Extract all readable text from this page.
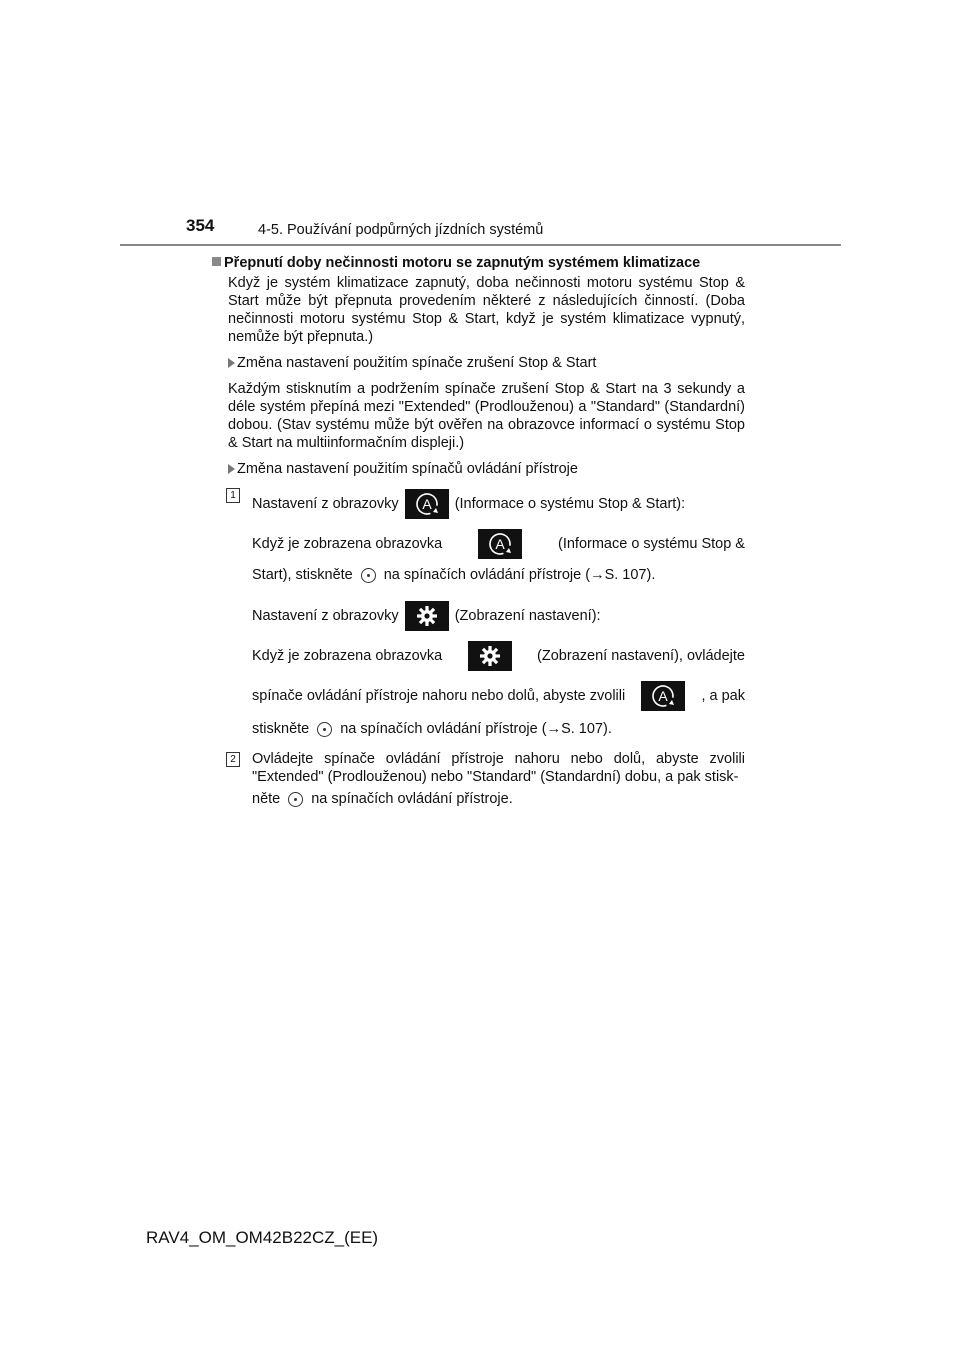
354	4-5. Používání podpůrných jízdních systémů

Přepnutí doby nečinnosti motoru se zapnutým systémem klimatizace

Když je systém klimatizace zapnutý, doba nečinnosti motoru systému Stop & Start může být přepnuta provedením některé z následujících činností. (Doba nečinnosti motoru systému Stop & Start, když je systém klimatizace vypnutý, nemůže být přepnuta.)

Změna nastavení použitím spínače zrušení Stop & Start

Každým stisknutím a podržením spínače zrušení Stop & Start na 3 sekundy a déle systém přepíná mezi "Extended" (Prodlouženou) a "Standard" (Standardní) dobou. (Stav systému může být ověřen na obrazovce informací o systému Stop & Start na multiinformačním displeji.)

Změna nastavení použitím spínačů ovládání přístroje
1
Nastavení z obrazovky	(Informace o systému Stop & Start):
Když je zobrazena obrazovka	(Informace o systému Stop &
Start), stiskněte na spínačích ovládání přístroje (→S. 107).
Nastavení z obrazovky	(Zobrazení nastavení):
Když je zobrazena obrazovka	(Zobrazení nastavení), ovládejte
spínače ovládání přístroje nahoru nebo dolů, abyste zvolili	, a pak
stiskněte na spínačích ovládání přístroje (→S. 107).
2 Ovládejte spínače ovládání přístroje nahoru nebo dolů, abyste zvolili "Extended" (Prodlouženou) nebo "Standard" (Standardní) dobu, a pak stisk-

něte na spínačích ovládání přístroje.
RAV4_OM_OM42B22CZ_(EE)
